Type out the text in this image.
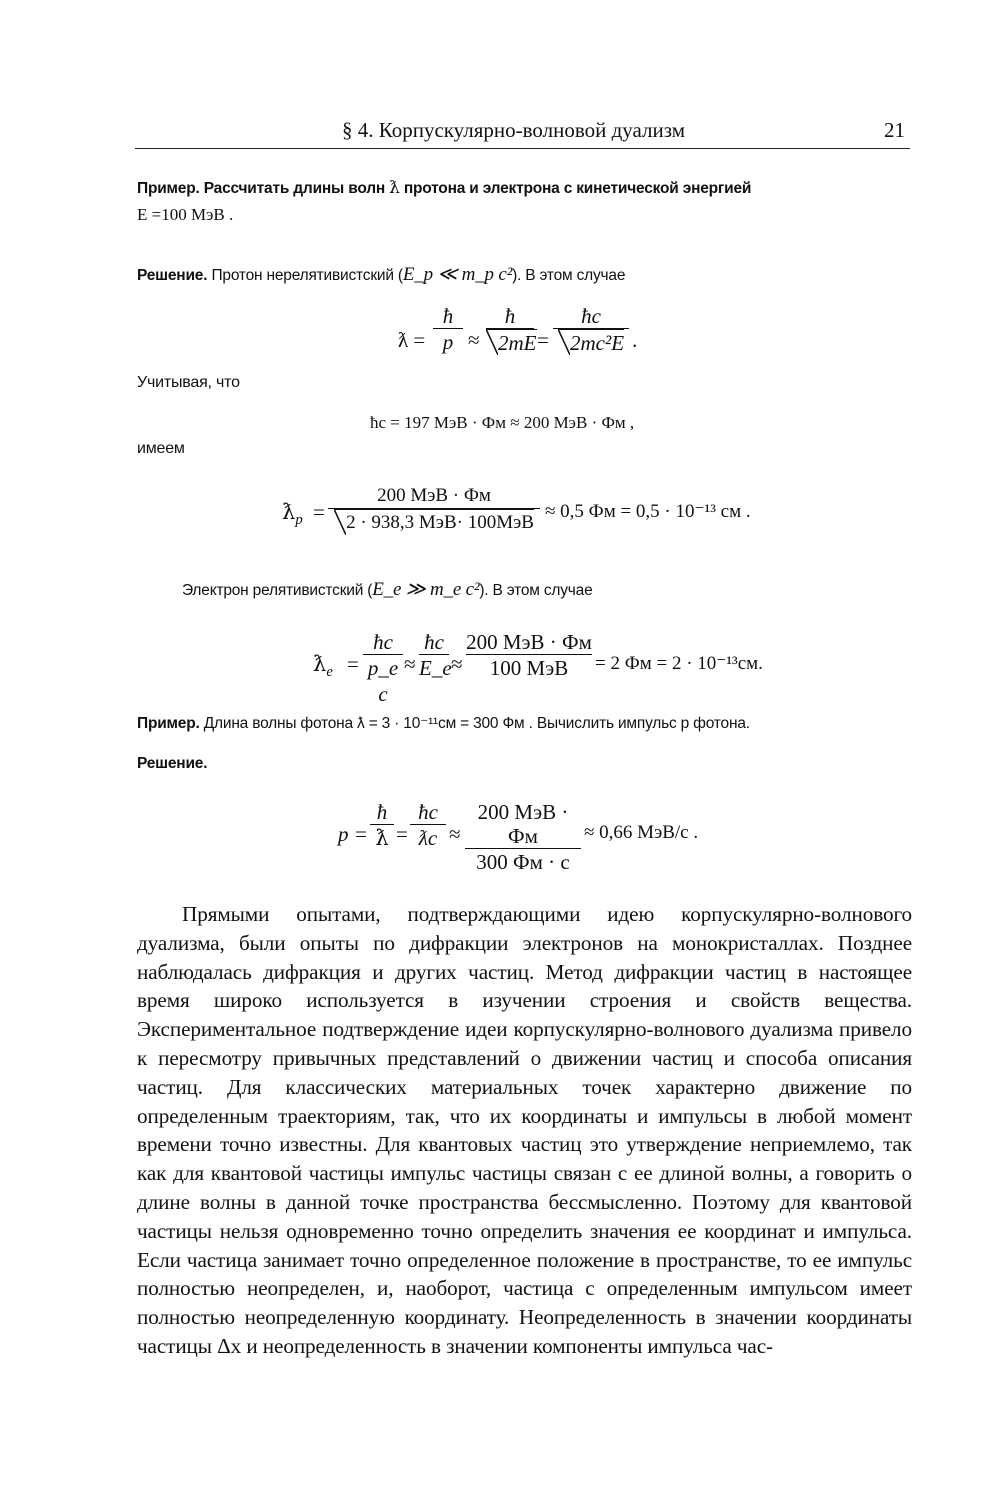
§ 4. Корпускулярно-волновой дуализм	21
Пример. Рассчитать длины волн ƛ протона и электрона с кинетической энергией
E =100 МэВ .
Решение. Протон нерелятивистский (E_p ≪ m_p c²). В этом случае
ƛ =
ħ
p ≈
ħ
2mE =
ħc
2mc²E .
Учитывая, что
ħc = 197 МэВ · Фм ≈ 200 МэВ · Фм ,
имеем
$ƛ_p$ =
200 МэВ · Фм
2 · 938,3 МэВ· 100МэВ
≈ 0,5 Фм = 0,5 · 10⁻¹³ см .
Электрон релятивистский (E_e ≫ m_e c²). В этом случае
$ƛ_e$ =
ħc
p_e c
≈
ħc
E_e ≈
200 МэВ · Фм
100 МэВ	= 2 Фм = 2 · 10⁻¹³см.
Пример. Длина волны фотона ƛ = 3 · 10⁻¹¹см = 300 Фм . Вычислить импульс p фотона.
Решение.
p =
ħ
ƛ =
ħc
ƛc ≈
200 МэВ · Фм
300 Фм · c
≈ 0,66 МэВ/c .
Прямыми опытами, подтверждающими идею корпускулярно-волнового дуализма, были опыты по дифракции электронов на монокристаллах. Позднее наблюдалась дифракция и других частиц. Метод дифракции частиц в настоящее время широко используется в изучении строения и свойств вещества. Экспериментальное подтверждение идеи корпускулярно-волнового дуализма привело к пересмотру привычных представлений о движении частиц и способа описания частиц. Для классических материальных точек характерно движение по определенным траекториям, так, что их координаты и импульсы в любой момент времени точно известны. Для квантовых частиц это утверждение неприемлемо, так как для квантовой частицы импульс частицы связан с ее длиной волны, а говорить о длине волны в данной точке пространства бессмысленно. Поэтому для квантовой частицы нельзя одновременно точно определить значения ее координат и импульса. Если частица занимает точно определенное положение в пространстве, то ее импульс полностью неопределен, и, наоборот, частица с определенным импульсом имеет полностью неопределенную координату. Неопределенность в значении координаты частицы Δx и неопределенность в значении компоненты импульса час-
